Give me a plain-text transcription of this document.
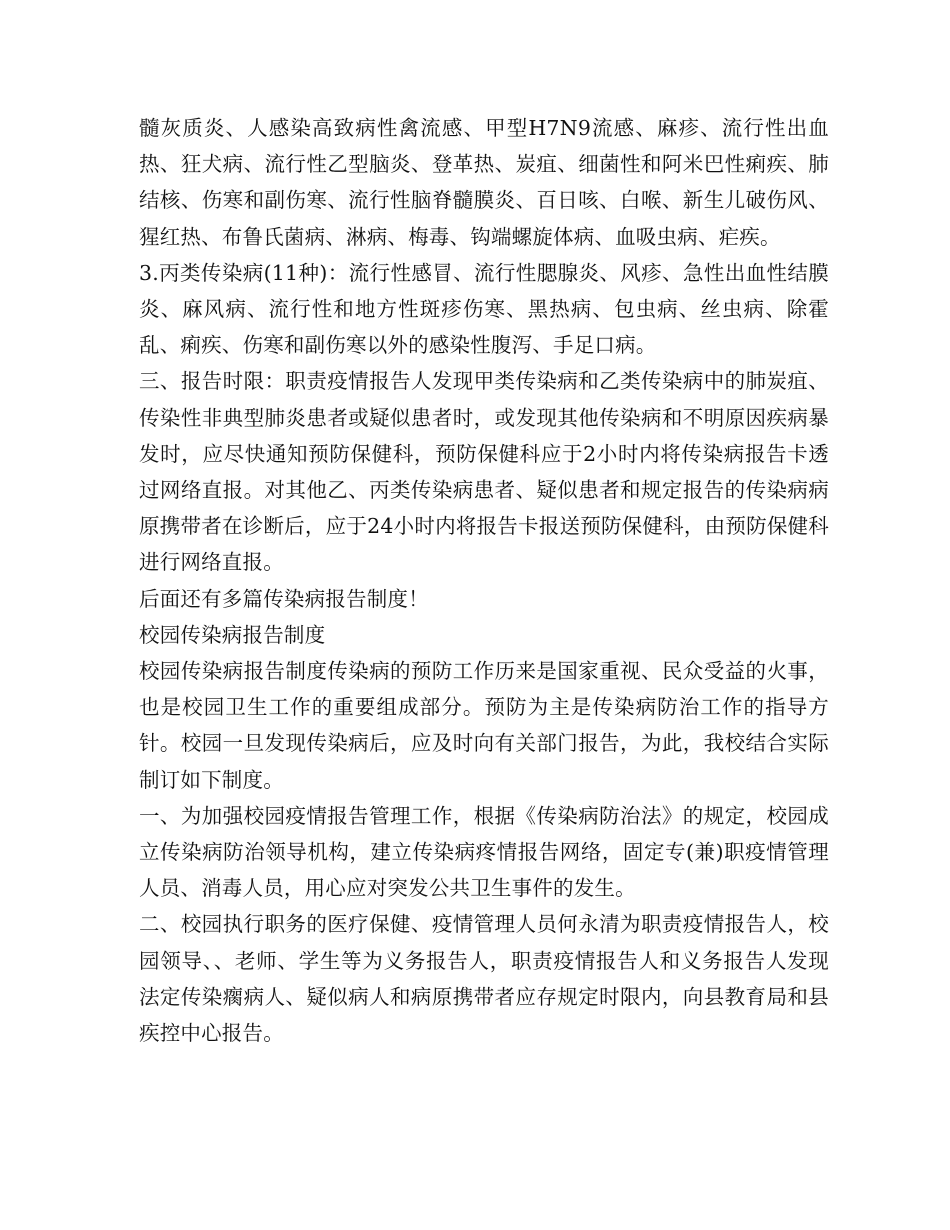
髓灰质炎、人感染高致病性禽流感、甲型H7N9流感、麻疹、流行性出血热、狂犬病、流行性乙型脑炎、登革热、炭疽、细菌性和阿米巴性痢疾、肺结核、伤寒和副伤寒、流行性脑脊髓膜炎、百日咳、白喉、新生儿破伤风、猩红热、布鲁氏菌病、淋病、梅毒、钩端螺旋体病、血吸虫病、疟疾。

3.丙类传染病(11种)：流行性感冒、流行性腮腺炎、风疹、急性出血性结膜炎、麻风病、流行性和地方性斑疹伤寒、黑热病、包虫病、丝虫病、除霍乱、痢疾、伤寒和副伤寒以外的感染性腹泻、手足口病。

三、报告时限：职责疫情报告人发现甲类传染病和乙类传染病中的肺炭疽、传染性非典型肺炎患者或疑似患者时，或发现其他传染病和不明原因疾病暴发时，应尽快通知预防保健科，预防保健科应于2小时内将传染病报告卡透过网络直报。对其他乙、丙类传染病患者、疑似患者和规定报告的传染病病原携带者在诊断后，应于24小时内将报告卡报送预防保健科，由预防保健科进行网络直报。

后面还有多篇传染病报告制度！

校园传染病报告制度

校园传染病报告制度传染病的预防工作历来是国家重视、民众受益的火事，也是校园卫生工作的重要组成部分。预防为主是传染病防治工作的指导方针。校园一旦发现传染病后，应及时向有关部门报告，为此，我校结合实际制订如下制度。

一、为加强校园疫情报告管理工作，根据《传染病防治法》的规定，校园成立传染病防治领导机构，建立传染病疼情报告网络，固定专(兼)职疫情管理人员、消毒人员，用心应对突发公共卫生事件的发生。

二、校园执行职务的医疗保健、疫情管理人员何永清为职责疫情报告人，校园领导、、老师、学生等为义务报告人，职责疫情报告人和义务报告人发现法定传染瘸病人、疑似病人和病原携带者应存规定时限内，向县教育局和县疾控中心报告。
